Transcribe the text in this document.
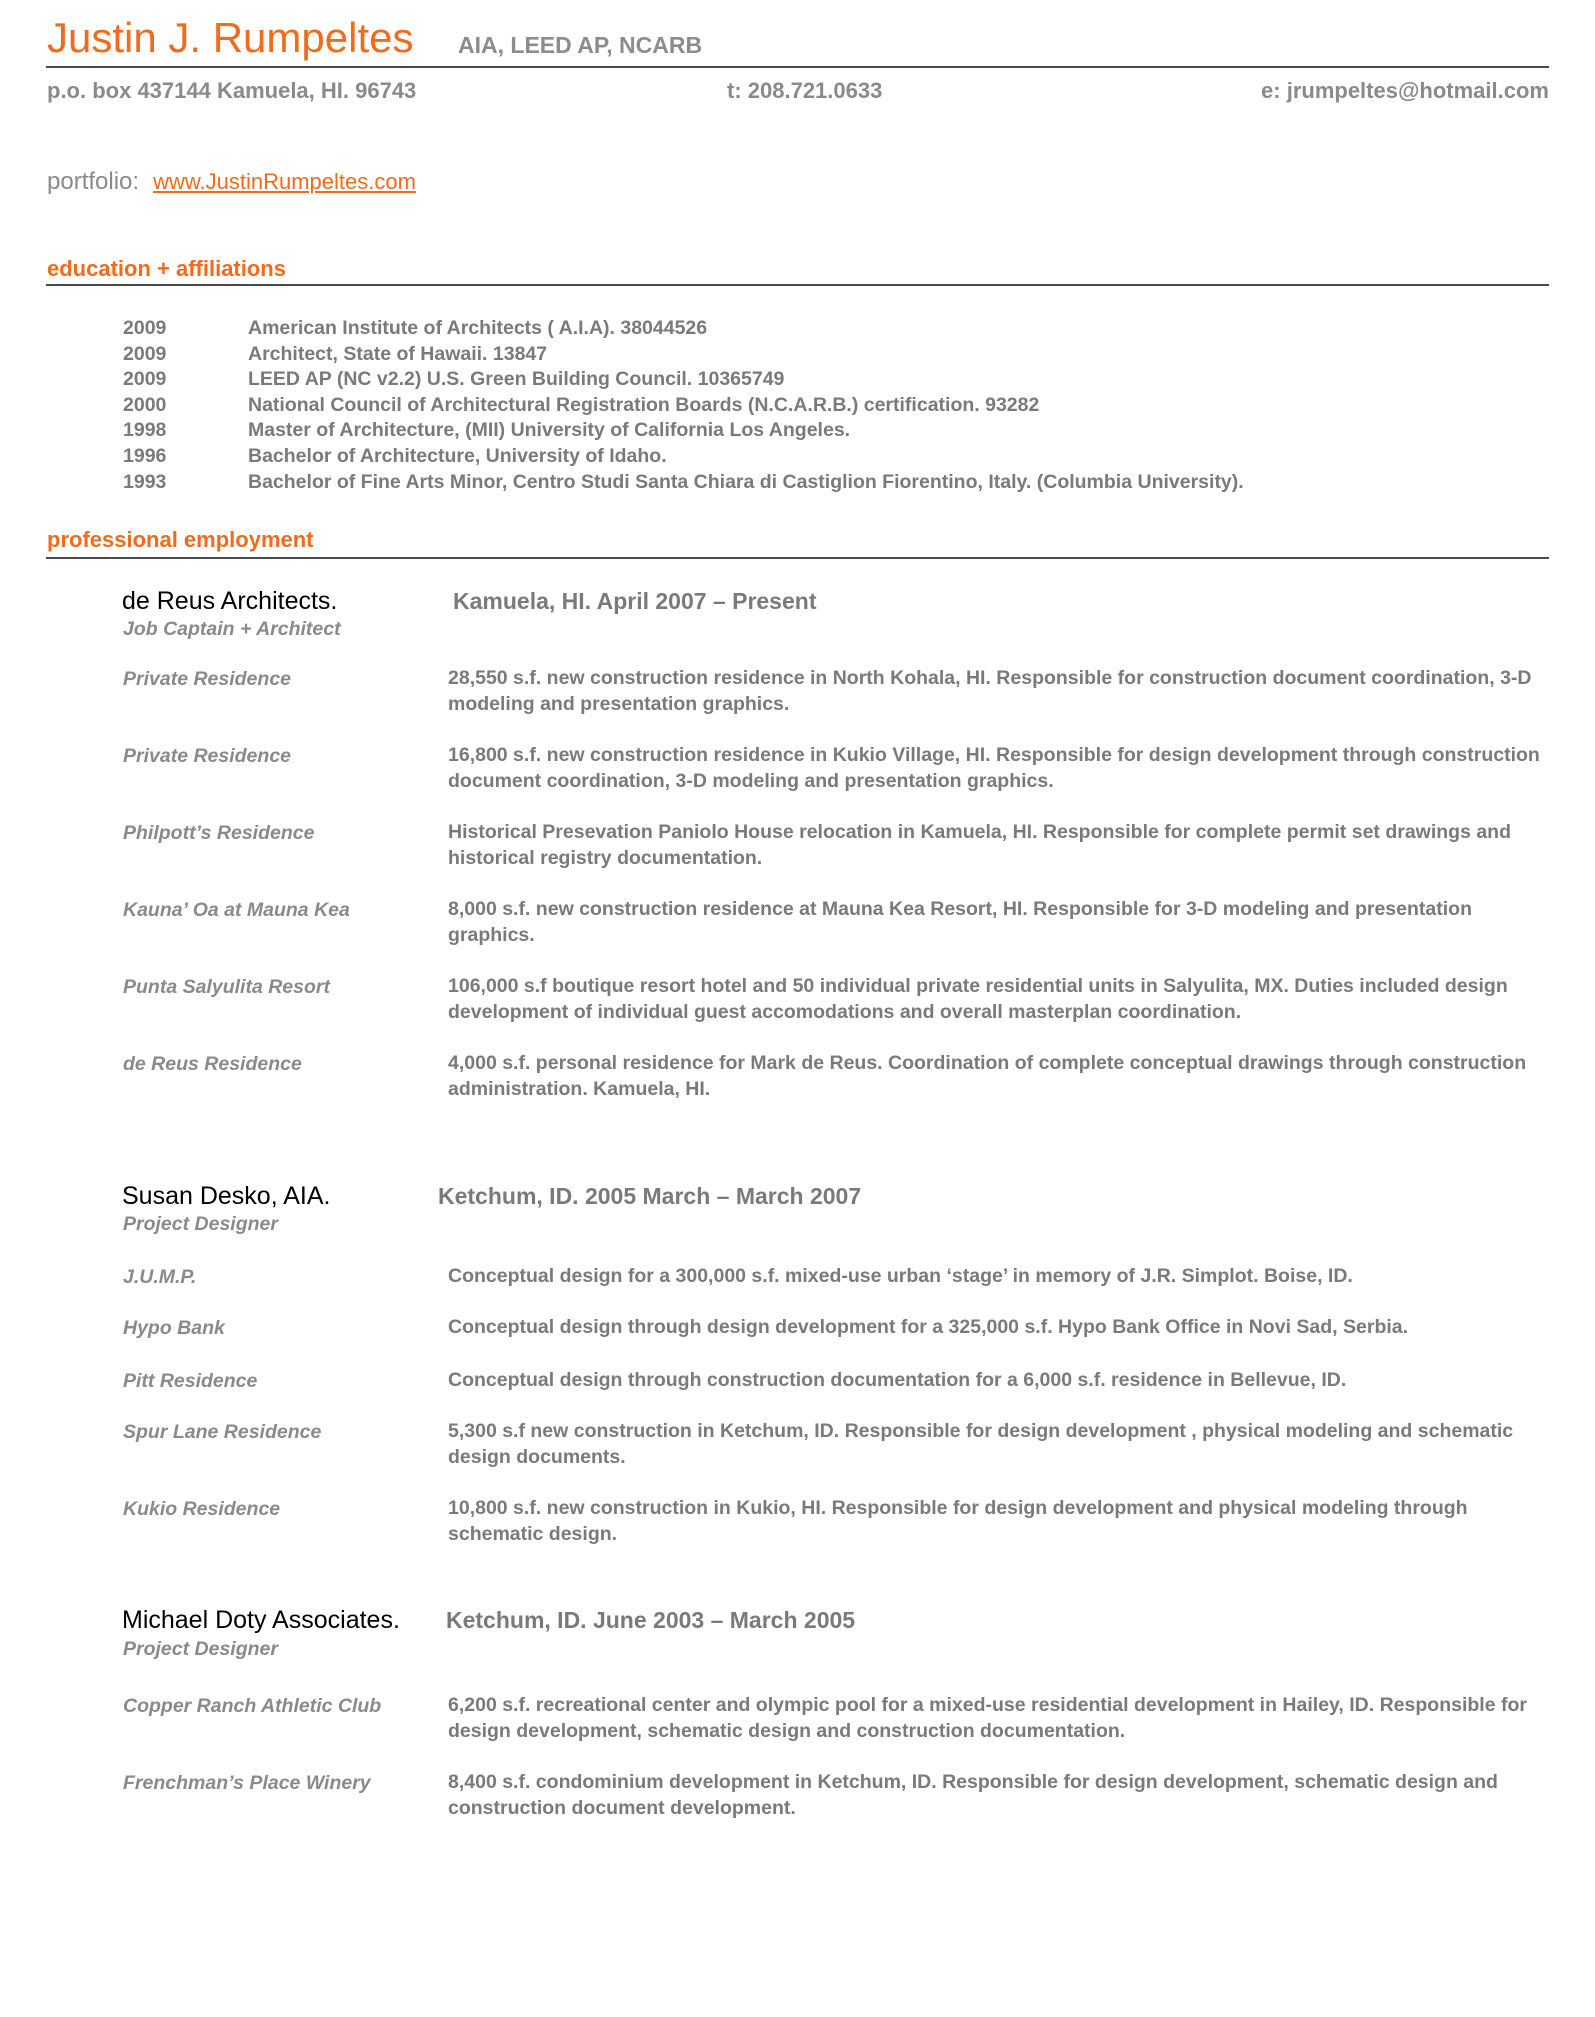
Justin J. Rumpeltes AIA, LEED AP, NCARB
p.o. box 437144 Kamuela, HI. 96743	t: 208.721.0633	e: jrumpeltes@hotmail.com
portfolio: www.JustinRumpeltes.com
education + affiliations
2009	American Institute of Architects ( A.I.A). 38044526
2009	Architect, State of Hawaii. 13847
2009	LEED AP (NC v2.2) U.S. Green Building Council. 10365749
2000	National Council of Architectural Registration Boards (N.C.A.R.B.) certification. 93282
1998	Master of Architecture, (MII) University of California Los Angeles.
1996	Bachelor of Architecture, University of Idaho.
1993	Bachelor of Fine Arts Minor, Centro Studi Santa Chiara di Castiglion Fiorentino, Italy. (Columbia University).
professional employment
de Reus Architects.	Kamuela, HI. April 2007 – Present
Job Captain + Architect
Private Residence	28,550 s.f. new construction residence in North Kohala, HI. Responsible for construction document coordination, 3-D modeling and presentation graphics.
Private Residence	16,800 s.f. new construction residence in Kukio Village, HI. Responsible for design development through construction document coordination, 3-D modeling and presentation graphics.
Philpott’s Residence	Historical Presevation Paniolo House relocation in Kamuela, HI. Responsible for complete permit set drawings and historical registry documentation.
Kauna’ Oa at Mauna Kea	8,000 s.f. new construction residence at Mauna Kea Resort, HI. Responsible for 3-D modeling and presentation graphics.
Punta Salyulita Resort	106,000 s.f boutique resort hotel and 50 individual private residential units in Salyulita, MX. Duties included design development of individual guest accomodations and overall masterplan coordination.
de Reus Residence	4,000 s.f. personal residence for Mark de Reus. Coordination of complete conceptual drawings through construction administration. Kamuela, HI.
Susan Desko, AIA.	Ketchum, ID. 2005 March – March 2007
Project Designer
J.U.M.P.	Conceptual design for a 300,000 s.f. mixed-use urban ‘stage’ in memory of J.R. Simplot. Boise, ID.
Hypo Bank	Conceptual design through design development for a 325,000 s.f. Hypo Bank Office in Novi Sad, Serbia.
Pitt Residence	Conceptual design through construction documentation for a 6,000 s.f. residence in Bellevue, ID.
Spur Lane Residence	5,300 s.f new construction in Ketchum, ID. Responsible for design development , physical modeling and schematic design documents.
Kukio Residence	10,800 s.f. new construction in Kukio, HI. Responsible for design development and physical modeling through schematic design.
Michael Doty Associates. Ketchum, ID. June 2003 – March 2005
Project Designer
Copper Ranch Athletic Club	6,200 s.f. recreational center and olympic pool for a mixed-use residential development in Hailey, ID. Responsible for design development, schematic design and construction documentation.
Frenchman’s Place Winery	8,400 s.f. condominium development in Ketchum, ID. Responsible for design development, schematic design and construction document development.
